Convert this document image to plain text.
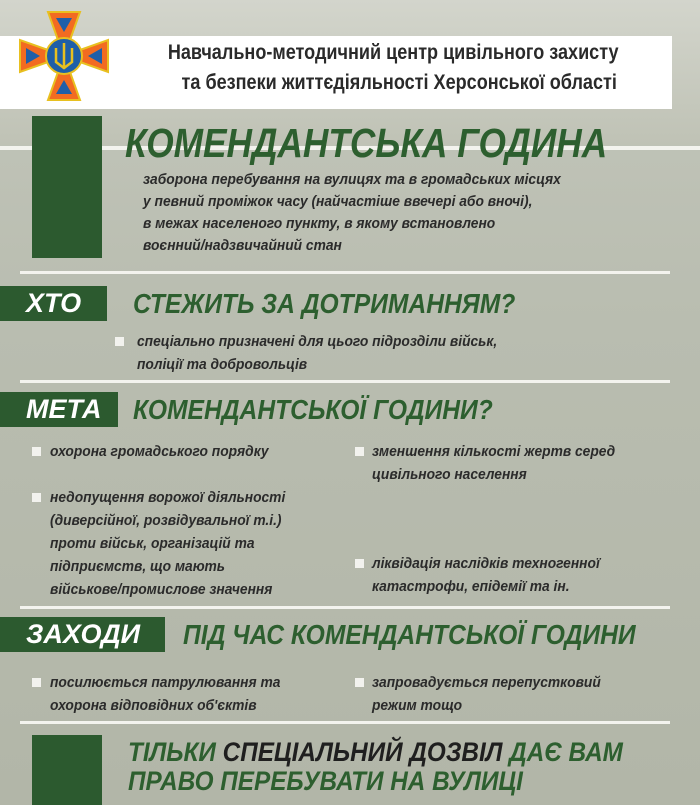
Навчально-методичний центр цивільного захисту
та безпеки життєдіяльності Херсонської області
КОМЕНДАНТСЬКА ГОДИНА
заборона перебування на вулицях та в громадських місцях
у певний проміжок часу (найчастіше ввечері або вночі),
в межах населеного пункту, в якому встановлено
воєнний/надзвичайний стан
ХТО	СТЕЖИТЬ ЗА ДОТРИМАННЯМ?
спеціально призначені для цього підрозділи військ,
поліції та добровольців
МЕТА	КОМЕНДАНТСЬКОЇ ГОДИНИ?
охорона громадського порядку	зменшення кількості жертв серед
цивільного населення
недопущення ворожої діяльності
(диверсійної, розвідувальної т.і.)
проти військ, організацій та
підприємств, що мають
військове/промислове значення
ліквідація наслідків техногенної
катастрофи, епідемії та ін.
ЗАХОДИ	ПІД ЧАС КОМЕНДАНТСЬКОЇ ГОДИНИ
посилюється патрулювання та
охорона відповідних об'єктів
запровадується перепустковий
режим тощо
ТІЛЬКИ СПЕЦІАЛЬНИЙ ДОЗВІЛ ДАЄ ВАМ
ПРАВО ПЕРЕБУВАТИ НА ВУЛИЦІ
